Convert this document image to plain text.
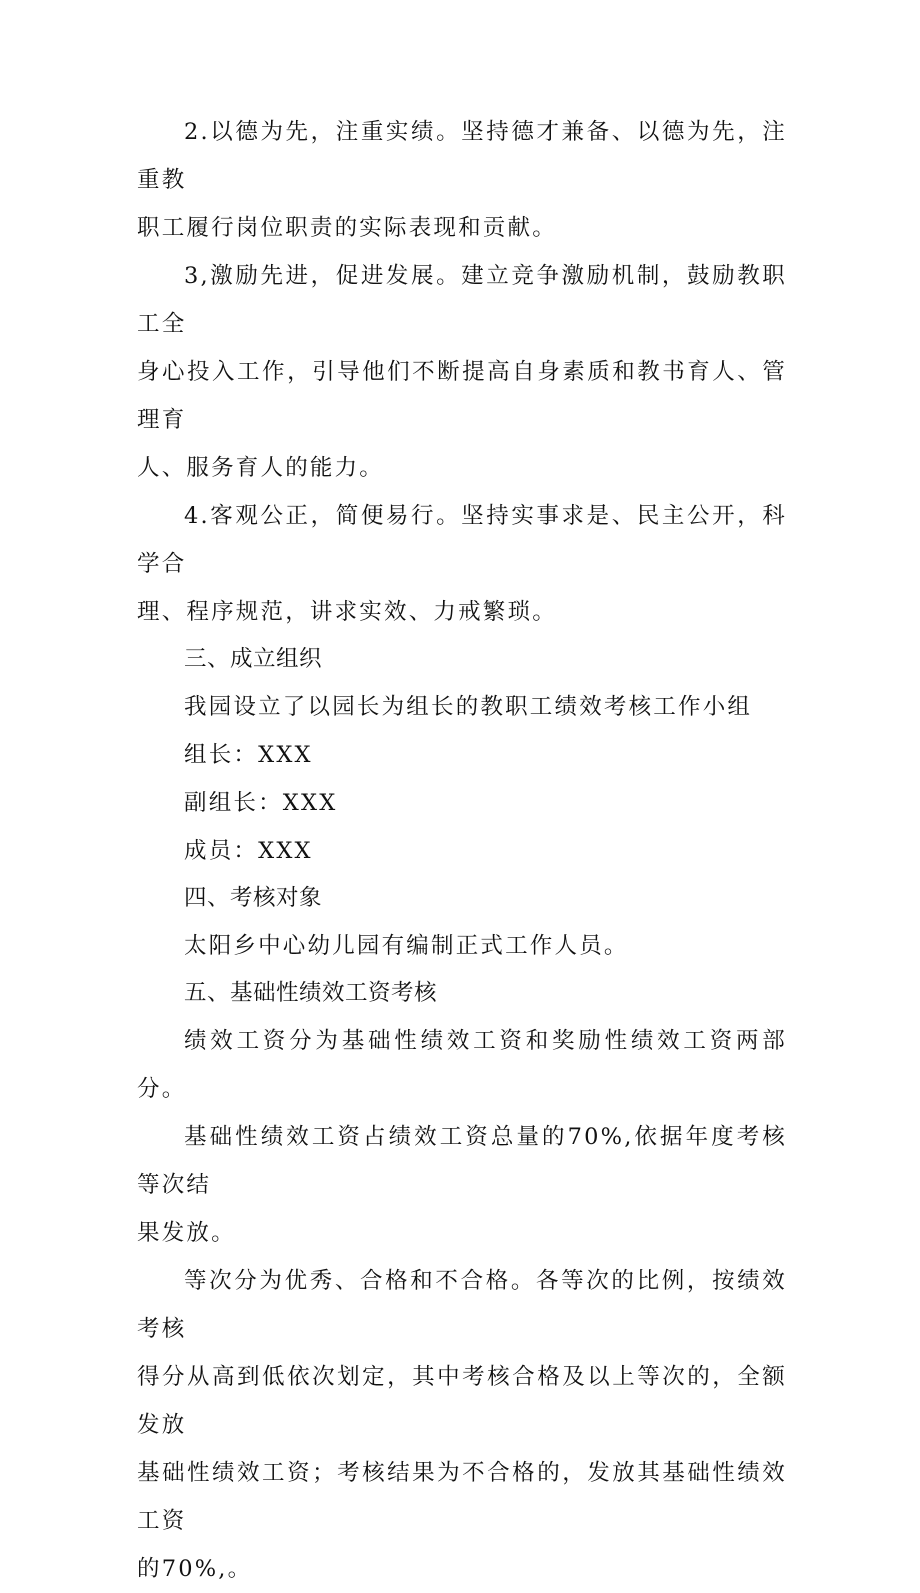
2.以德为先，注重实绩。坚持德才兼备、以德为先，注重教
职工履行岗位职责的实际表现和贡献。

3,激励先进，促进发展。建立竞争激励机制，鼓励教职工全
身心投入工作，引导他们不断提高自身素质和教书育人、管理育
人、服务育人的能力。

4.客观公正，简便易行。坚持实事求是、民主公开，科学合
理、程序规范，讲求实效、力戒繁琐。

三、成立组织

我园设立了以园长为组长的教职工绩效考核工作小组

组长：XXX

副组长：XXX

成员：XXX

四、考核对象

太阳乡中心幼儿园有编制正式工作人员。

五、基础性绩效工资考核

绩效工资分为基础性绩效工资和奖励性绩效工资两部分。

基础性绩效工资占绩效工资总量的70%,依据年度考核等次结
果发放。

等次分为优秀、合格和不合格。各等次的比例，按绩效考核
得分从高到低依次划定，其中考核合格及以上等次的，全额发放
基础性绩效工资；考核结果为不合格的，发放其基础性绩效工资
的70%,。
